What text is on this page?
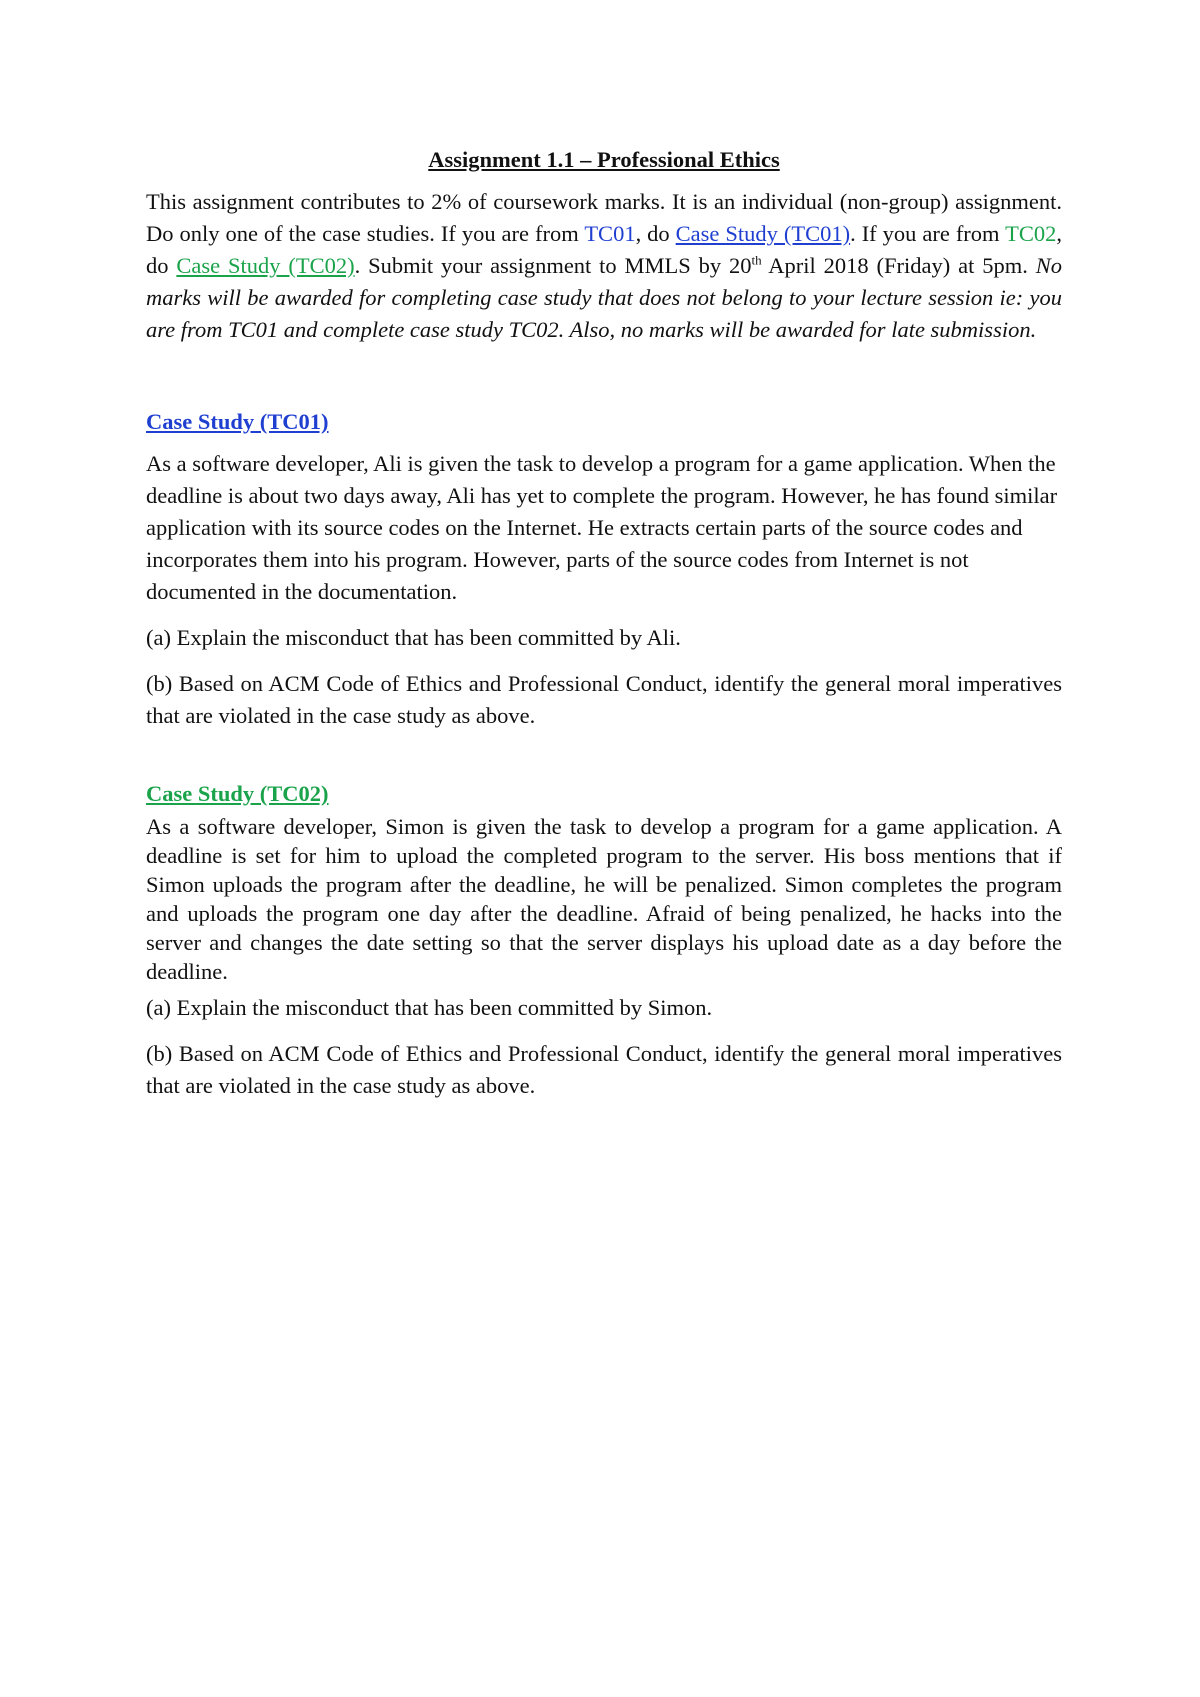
Assignment 1.1 – Professional Ethics

This assignment contributes to 2% of coursework marks. It is an individual (non-group) assignment. Do only one of the case studies. If you are from TC01, do Case Study (TC01). If you are from TC02, do Case Study (TC02). Submit your assignment to MMLS by 20th April 2018 (Friday) at 5pm. No marks will be awarded for completing case study that does not belong to your lecture session ie: you are from TC01 and complete case study TC02. Also, no marks will be awarded for late submission.

Case Study (TC01)

As a software developer, Ali is given the task to develop a program for a game application. When the deadline is about two days away, Ali has yet to complete the program. However, he has found similar application with its source codes on the Internet. He extracts certain parts of the source codes and incorporates them into his program. However, parts of the source codes from Internet is not documented in the documentation.

(a) Explain the misconduct that has been committed by Ali.

(b) Based on ACM Code of Ethics and Professional Conduct, identify the general moral imperatives that are violated in the case study as above.

Case Study (TC02)

As a software developer, Simon is given the task to develop a program for a game application. A deadline is set for him to upload the completed program to the server. His boss mentions that if Simon uploads the program after the deadline, he will be penalized. Simon completes the program and uploads the program one day after the deadline. Afraid of being penalized, he hacks into the server and changes the date setting so that the server displays his upload date as a day before the deadline.

(a) Explain the misconduct that has been committed by Simon.

(b) Based on ACM Code of Ethics and Professional Conduct, identify the general moral imperatives that are violated in the case study as above.
